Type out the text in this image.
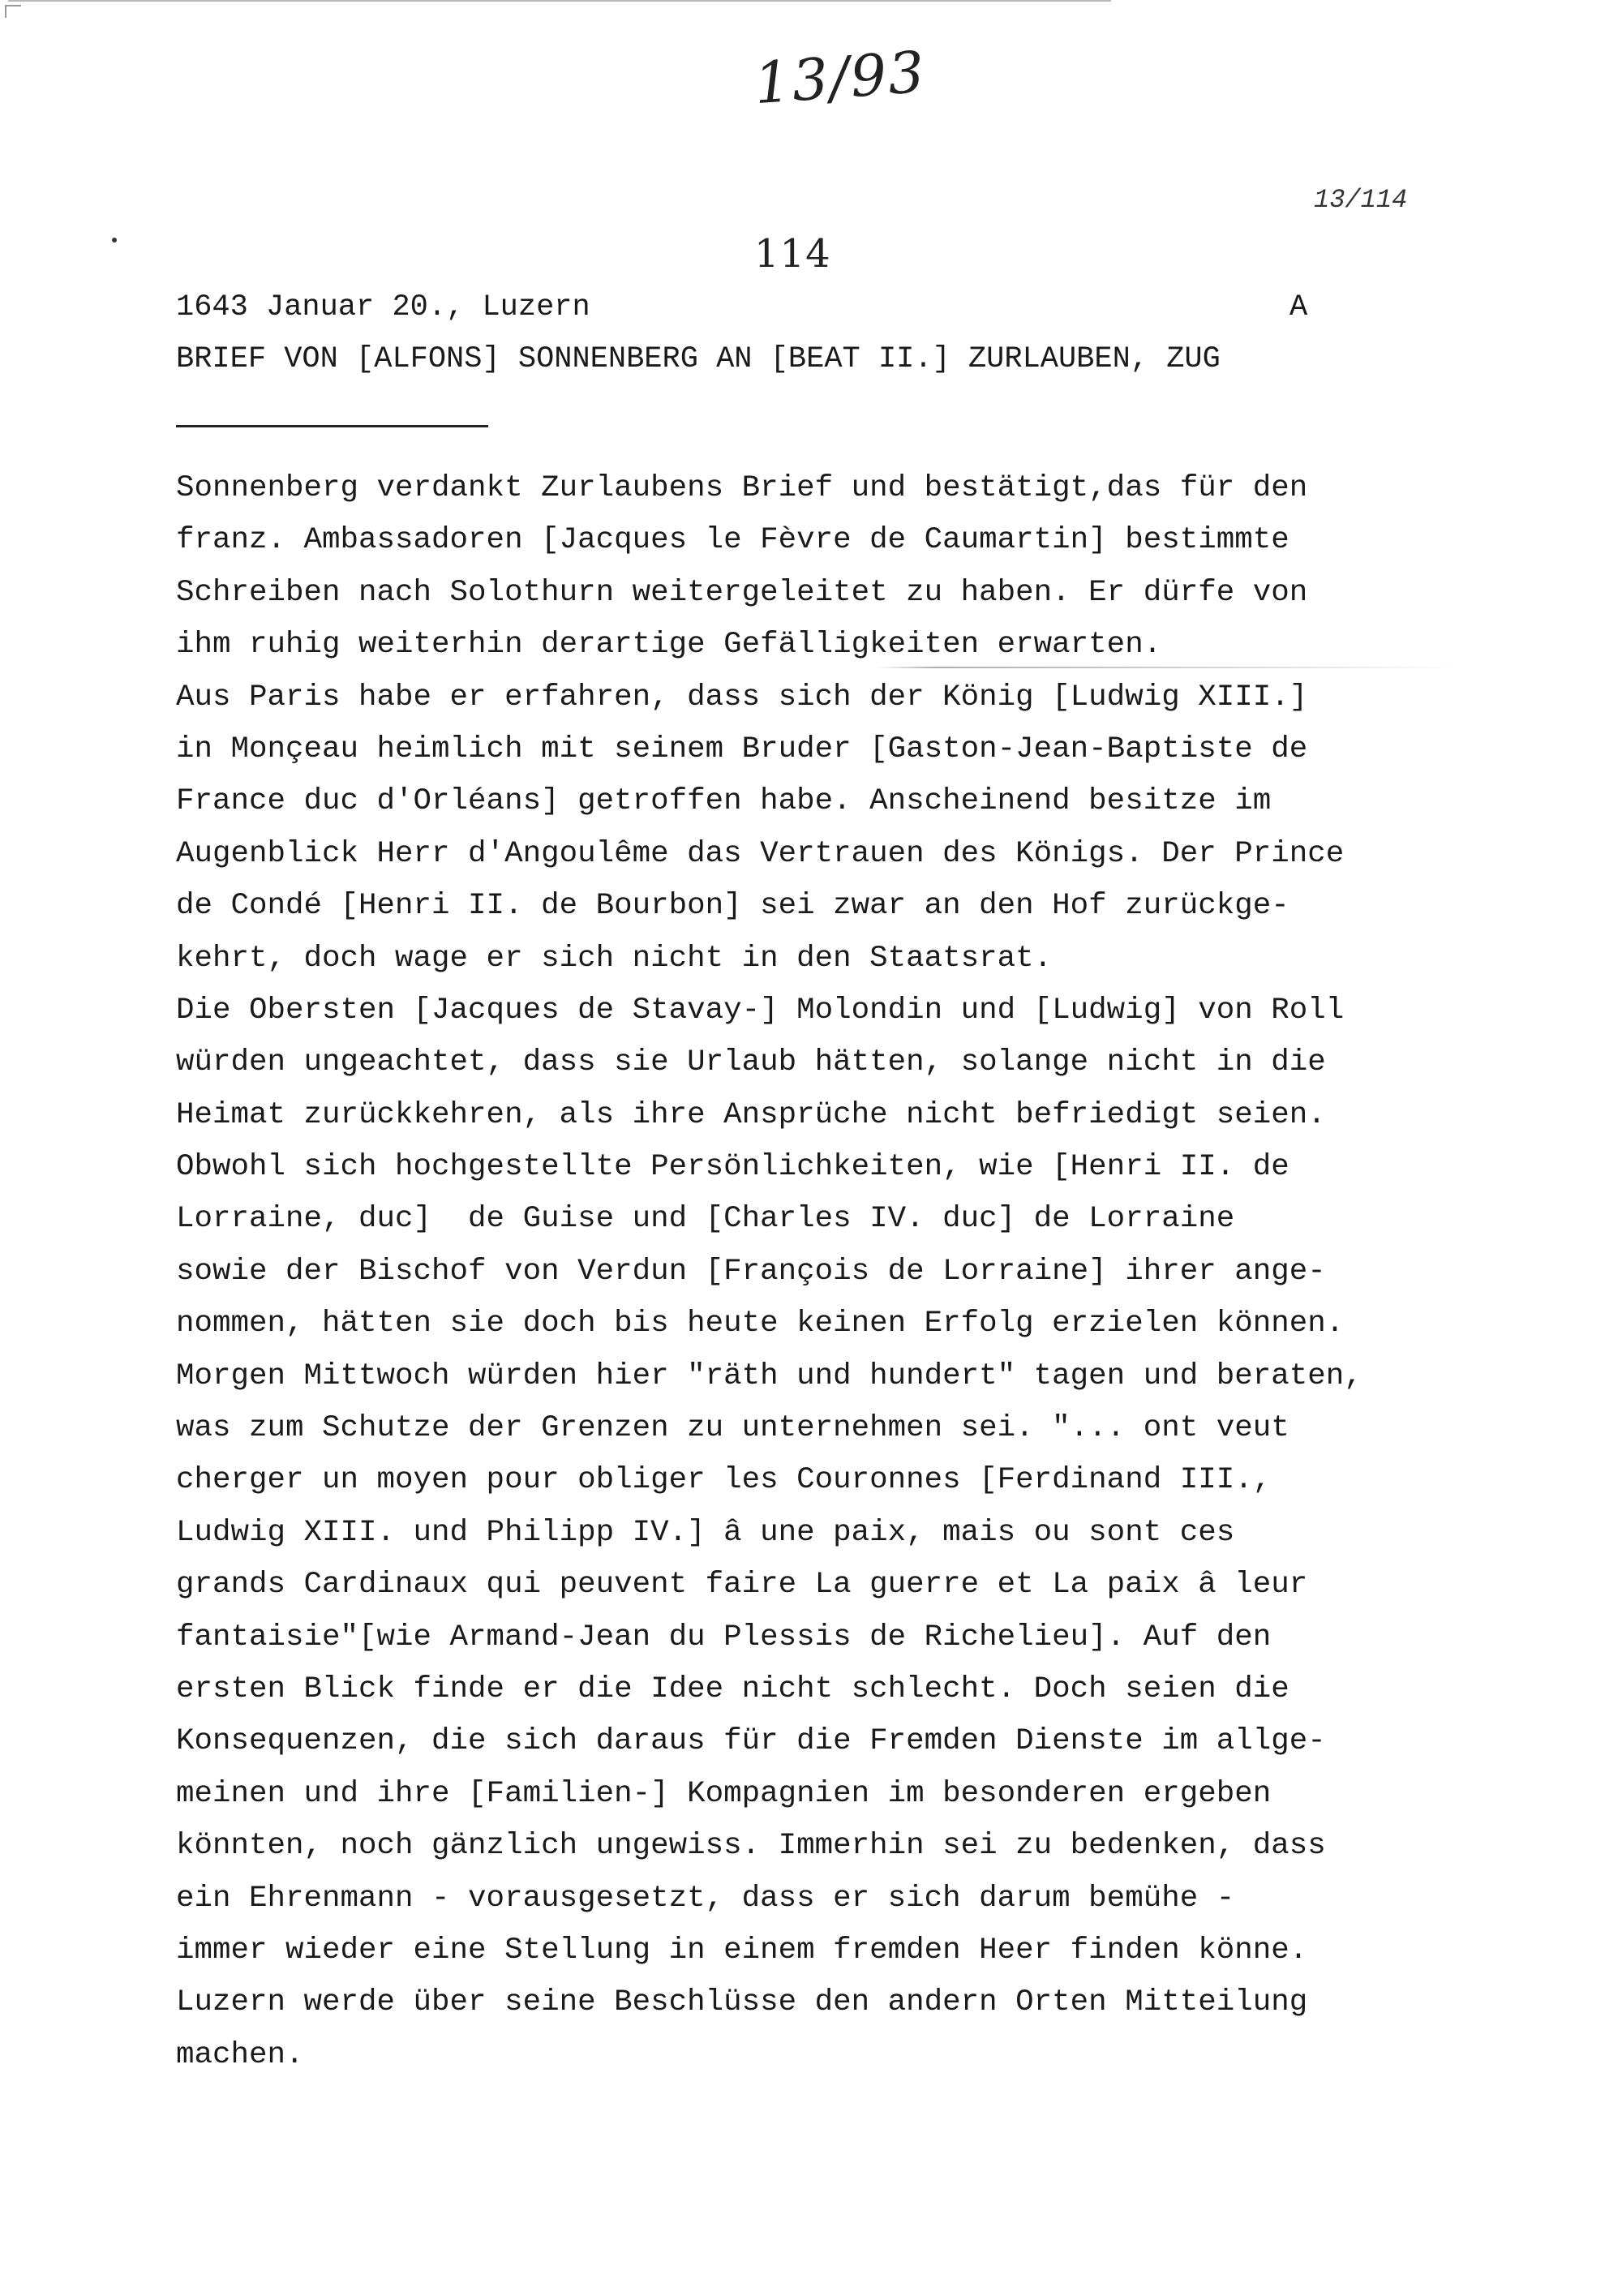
13/93
13/114
114
1643 Januar 20., Luzern	A
BRIEF VON [ALFONS] SONNENBERG AN [BEAT II.] ZURLAUBEN, ZUG
Sonnenberg verdankt Zurlaubens Brief und bestätigt,das für den
franz. Ambassadoren [Jacques le Fèvre de Caumartin] bestimmte
Schreiben nach Solothurn weitergeleitet zu haben. Er dürfe von
ihm ruhig weiterhin derartige Gefälligkeiten erwarten.
Aus Paris habe er erfahren, dass sich der König [Ludwig XIII.]
in Monçeau heimlich mit seinem Bruder [Gaston-Jean-Baptiste de
France duc d'Orléans] getroffen habe. Anscheinend besitze im
Augenblick Herr d'Angoulême das Vertrauen des Königs. Der Prince
de Condé [Henri II. de Bourbon] sei zwar an den Hof zurückge-
kehrt, doch wage er sich nicht in den Staatsrat.
Die Obersten [Jacques de Stavay-] Molondin und [Ludwig] von Roll
würden ungeachtet, dass sie Urlaub hätten, solange nicht in die
Heimat zurückkehren, als ihre Ansprüche nicht befriedigt seien.
Obwohl sich hochgestellte Persönlichkeiten, wie [Henri II. de
Lorraine, duc]  de Guise und [Charles IV. duc] de Lorraine
sowie der Bischof von Verdun [François de Lorraine] ihrer ange-
nommen, hätten sie doch bis heute keinen Erfolg erzielen können.
Morgen Mittwoch würden hier "räth und hundert" tagen und beraten,
was zum Schutze der Grenzen zu unternehmen sei. "... ont veut
cherger un moyen pour obliger les Couronnes [Ferdinand III.,
Ludwig XIII. und Philipp IV.] â une paix, mais ou sont ces
grands Cardinaux qui peuvent faire La guerre et La paix â leur
fantaisie"[wie Armand-Jean du Plessis de Richelieu]. Auf den
ersten Blick finde er die Idee nicht schlecht. Doch seien die
Konsequenzen, die sich daraus für die Fremden Dienste im allge-
meinen und ihre [Familien-] Kompagnien im besonderen ergeben
könnten, noch gänzlich ungewiss. Immerhin sei zu bedenken, dass
ein Ehrenmann - vorausgesetzt, dass er sich darum bemühe -
immer wieder eine Stellung in einem fremden Heer finden könne.
Luzern werde über seine Beschlüsse den andern Orten Mitteilung
machen.
